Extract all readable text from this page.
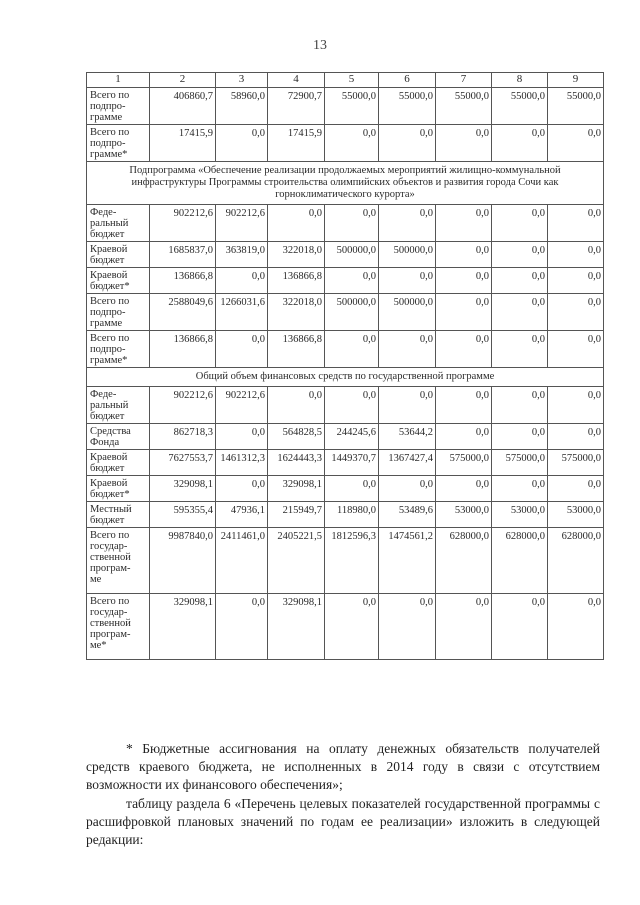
13
1	2	3	4	5	6	7	8	9
Всего по
подпро-
грамме	406860,7	58960,0	72900,7	55000,0	55000,0	55000,0	55000,0	55000,0
Всего по
подпро-
грамме*	17415,9	0,0	17415,9	0,0	0,0	0,0	0,0	0,0
Подпрограмма «Обеспечение реализации продолжаемых мероприятий жилищно-коммунальной инфраструктуры Программы строительства олимпийских объектов и развития города Сочи как горноклиматического курорта»								
Феде-
ральный
бюджет	902212,6	902212,6	0,0	0,0	0,0	0,0	0,0	0,0
Краевой
бюджет	1685837,0	363819,0	322018,0	500000,0	500000,0	0,0	0,0	0,0
Краевой
бюджет*	136866,8	0,0	136866,8	0,0	0,0	0,0	0,0	0,0
Всего по
подпро-
грамме	2588049,6	1266031,6	322018,0	500000,0	500000,0	0,0	0,0	0,0
Всего по
подпро-
грамме*	136866,8	0,0	136866,8	0,0	0,0	0,0	0,0	0,0
Общий объем финансовых средств по государственной программе								
Феде-
ральный
бюджет	902212,6	902212,6	0,0	0,0	0,0	0,0	0,0	0,0
Средства
Фонда	862718,3	0,0	564828,5	244245,6	53644,2	0,0	0,0	0,0
Краевой
бюджет	7627553,7	1461312,3	1624443,3	1449370,7	1367427,4	575000,0	575000,0	575000,0
Краевой
бюджет*	329098,1	0,0	329098,1	0,0	0,0	0,0	0,0	0,0
Местный
бюджет	595355,4	47936,1	215949,7	118980,0	53489,6	53000,0	53000,0	53000,0
Всего по
государ-
ственной
програм-
ме	9987840,0	2411461,0	2405221,5	1812596,3	1474561,2	628000,0	628000,0	628000,0
Всего по
государ-
ственной
програм-
ме*	329098,1	0,0	329098,1	0,0	0,0	0,0	0,0	0,0

* Бюджетные ассигнования на оплату денежных обязательств получателей средств краевого бюджета, не исполненных в 2014 году в связи с отсутствием возможности их финансового обеспечения»;

таблицу раздела 6 «Перечень целевых показателей государственной программы с расшифровкой плановых значений по годам ее реализации» изложить в следующей редакции:
